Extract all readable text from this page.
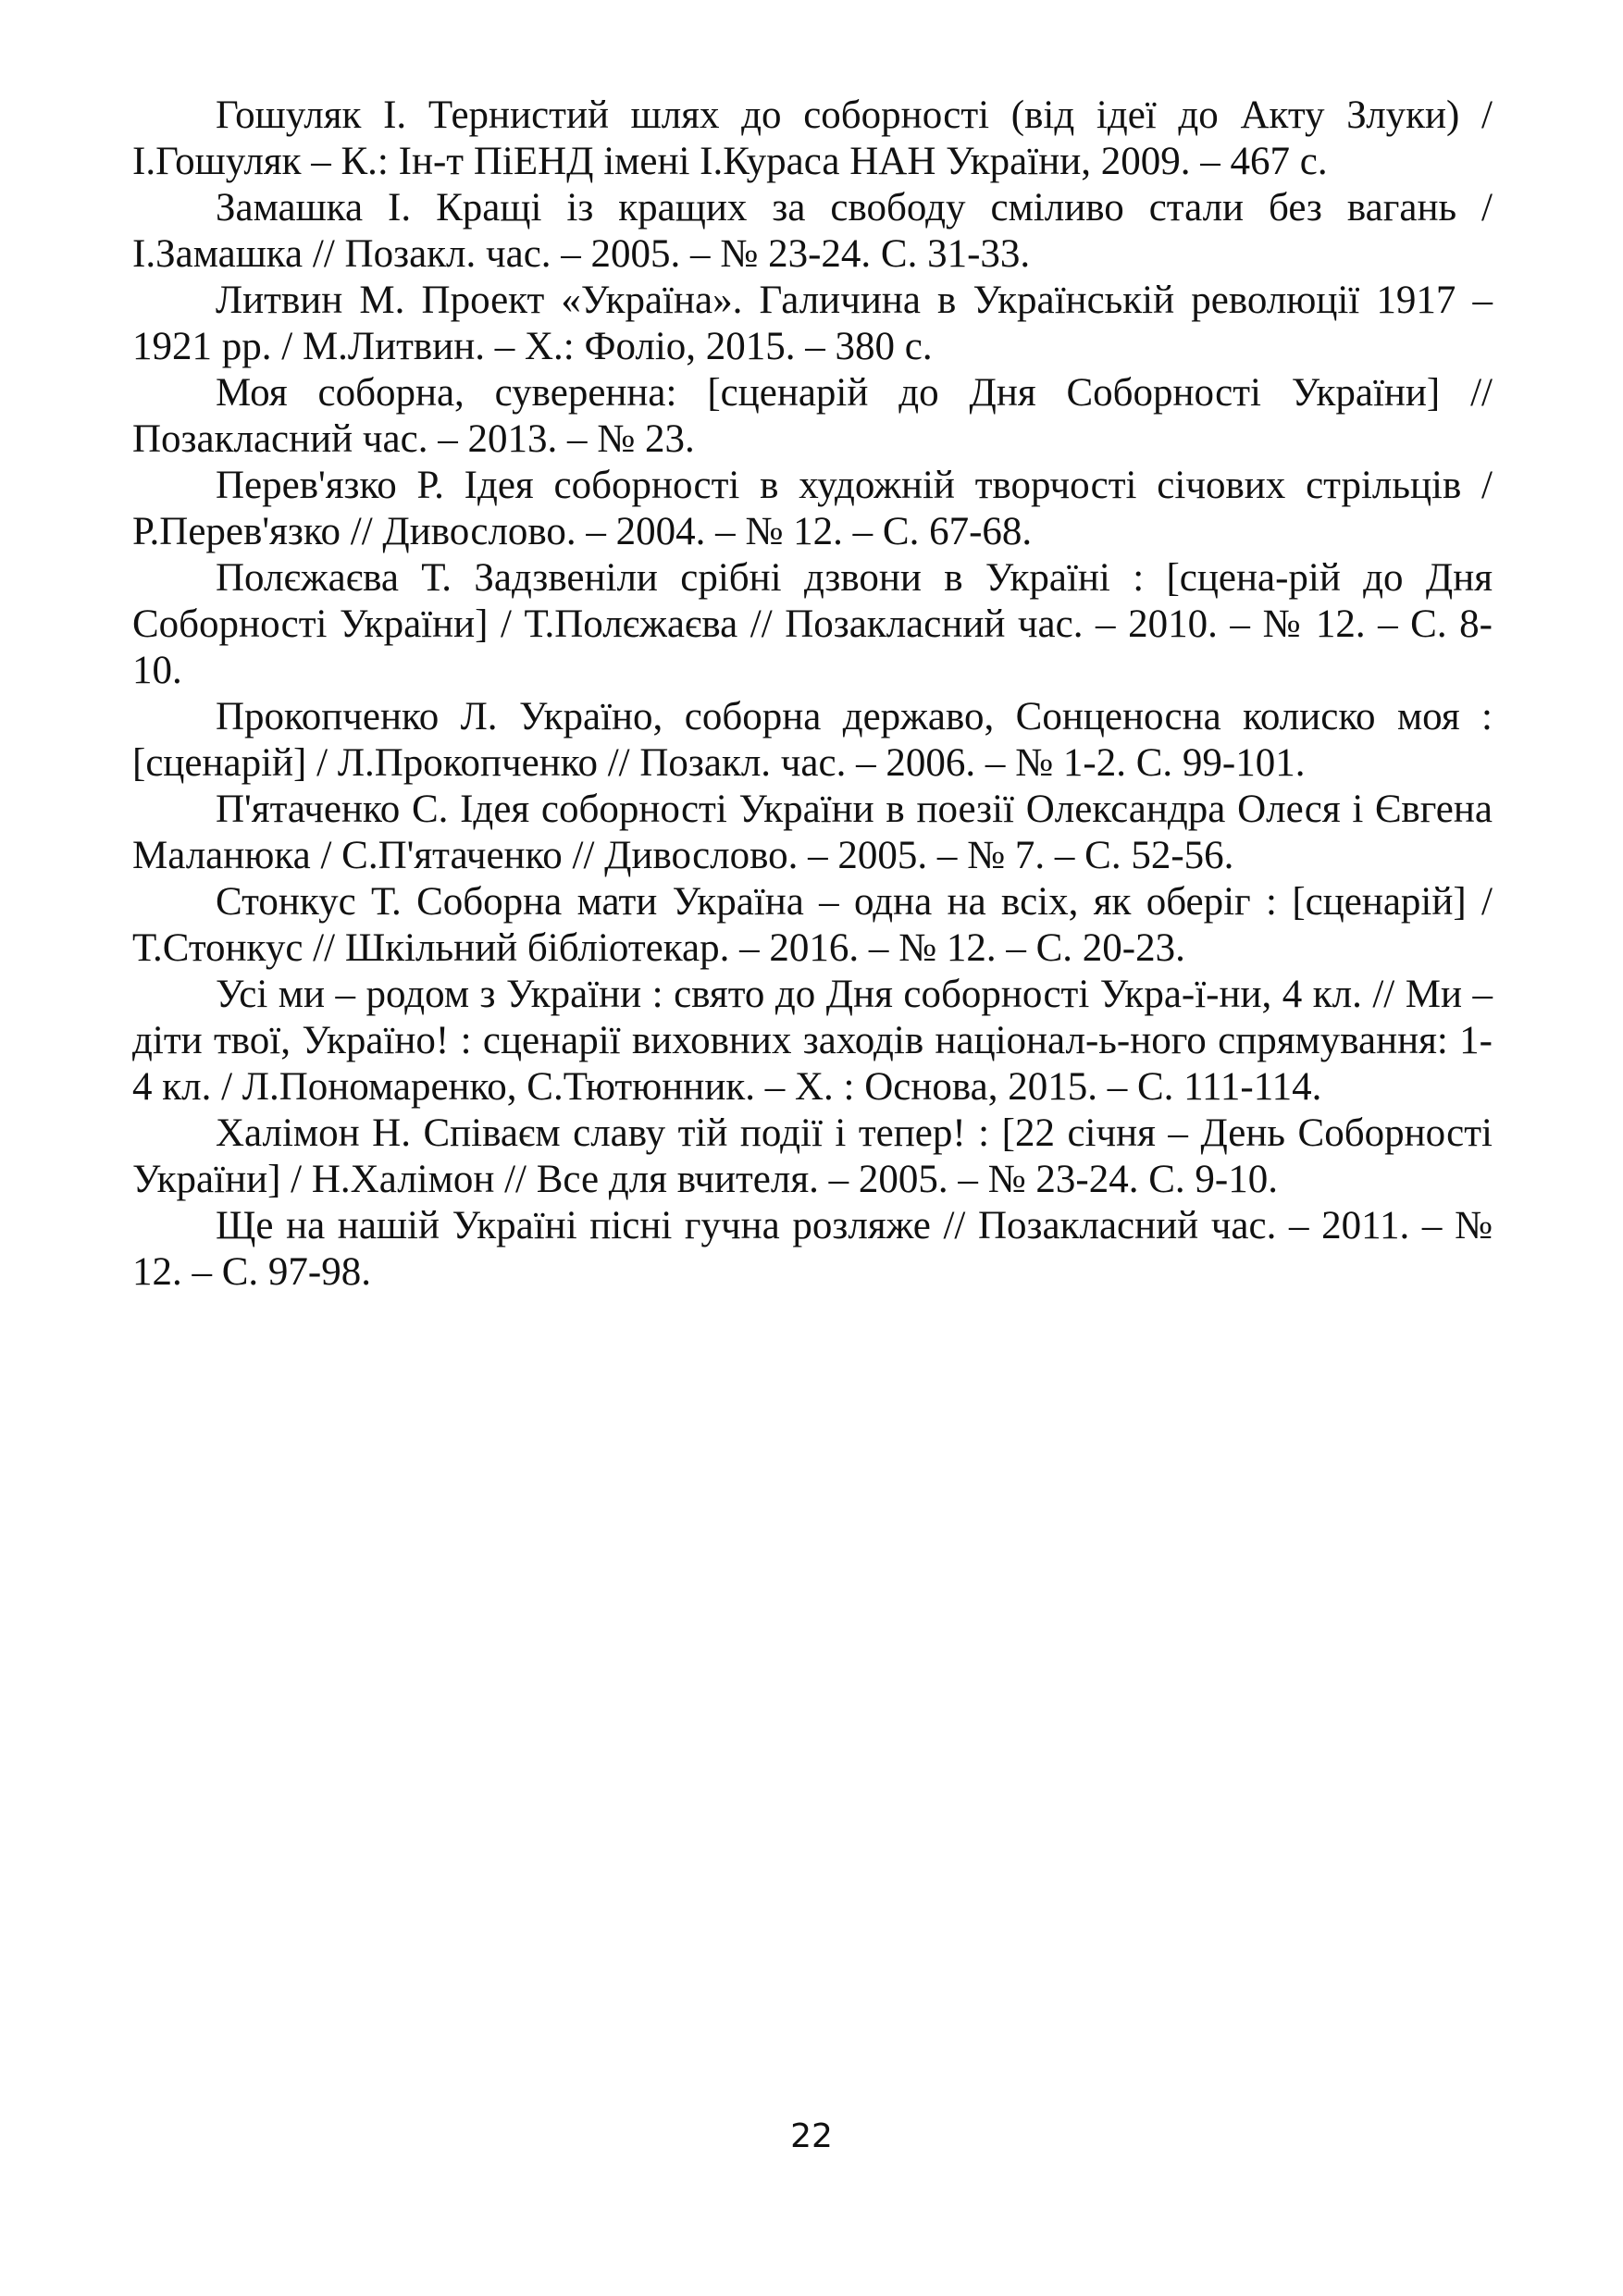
Гошуляк І. Тернистий шлях до соборності (від ідеї до Акту Злуки) / І.Гошуляк – К.: Ін-т ПіЕНД імені І.Кураса НАН України, 2009. – 467 с.

Замашка І. Кращі із кращих за свободу сміливо стали без вагань / І.Замашка // Позакл. час. – 2005. – № 23-24. С. 31-33.

Литвин М. Проект «Україна». Галичина в Українській революції 1917 – 1921 рр. / М.Литвин. – Х.: Фоліо, 2015. – 380 с.

Моя соборна, суверенна: [сценарій до Дня Соборності України] // Позакласний час. – 2013. – № 23.

Перев'язко Р. Ідея соборності в художній творчості січових стрільців / Р.Перев'язко // Дивослово. – 2004. – № 12. – С. 67-68.

Полєжаєва Т. Задзвеніли срібні дзвони в Україні : [сцена-рій до Дня Соборності України] / Т.Полєжаєва // Позакласний час. – 2010. – № 12. – С. 8-10.

Прокопченко Л. Україно, соборна державо, Сонценосна колиско моя : [сценарій] / Л.Прокопченко // Позакл. час. – 2006. – № 1-2. С. 99-101.

П'ятаченко С. Ідея соборності України в поезії Олександра Олеся і Євгена Маланюка / С.П'ятаченко // Дивослово. – 2005. – № 7. – С. 52-56.

Стонкус Т. Соборна мати Україна – одна на всіх, як оберіг : [сценарій] / Т.Стонкус // Шкільний бібліотекар. – 2016. – № 12. – С. 20-23.

Усі ми – родом з України : свято до Дня соборності Укра-ї-ни, 4 кл. // Ми – діти твої, Україно! : сценарії виховних заходів націонал-ь-ного спрямування: 1-4 кл. / Л.Пономаренко, С.Тютюнник. – Х. : Основа, 2015. – С. 111-114.

Халімон Н. Співаєм славу тій події і тепер! : [22 січня – День Соборності України] / Н.Халімон // Все для вчителя. – 2005. – № 23-24. С. 9-10.

Ще на нашій Україні пісні гучна розляже // Позакласний час. – 2011. – № 12. – С. 97-98.

22
